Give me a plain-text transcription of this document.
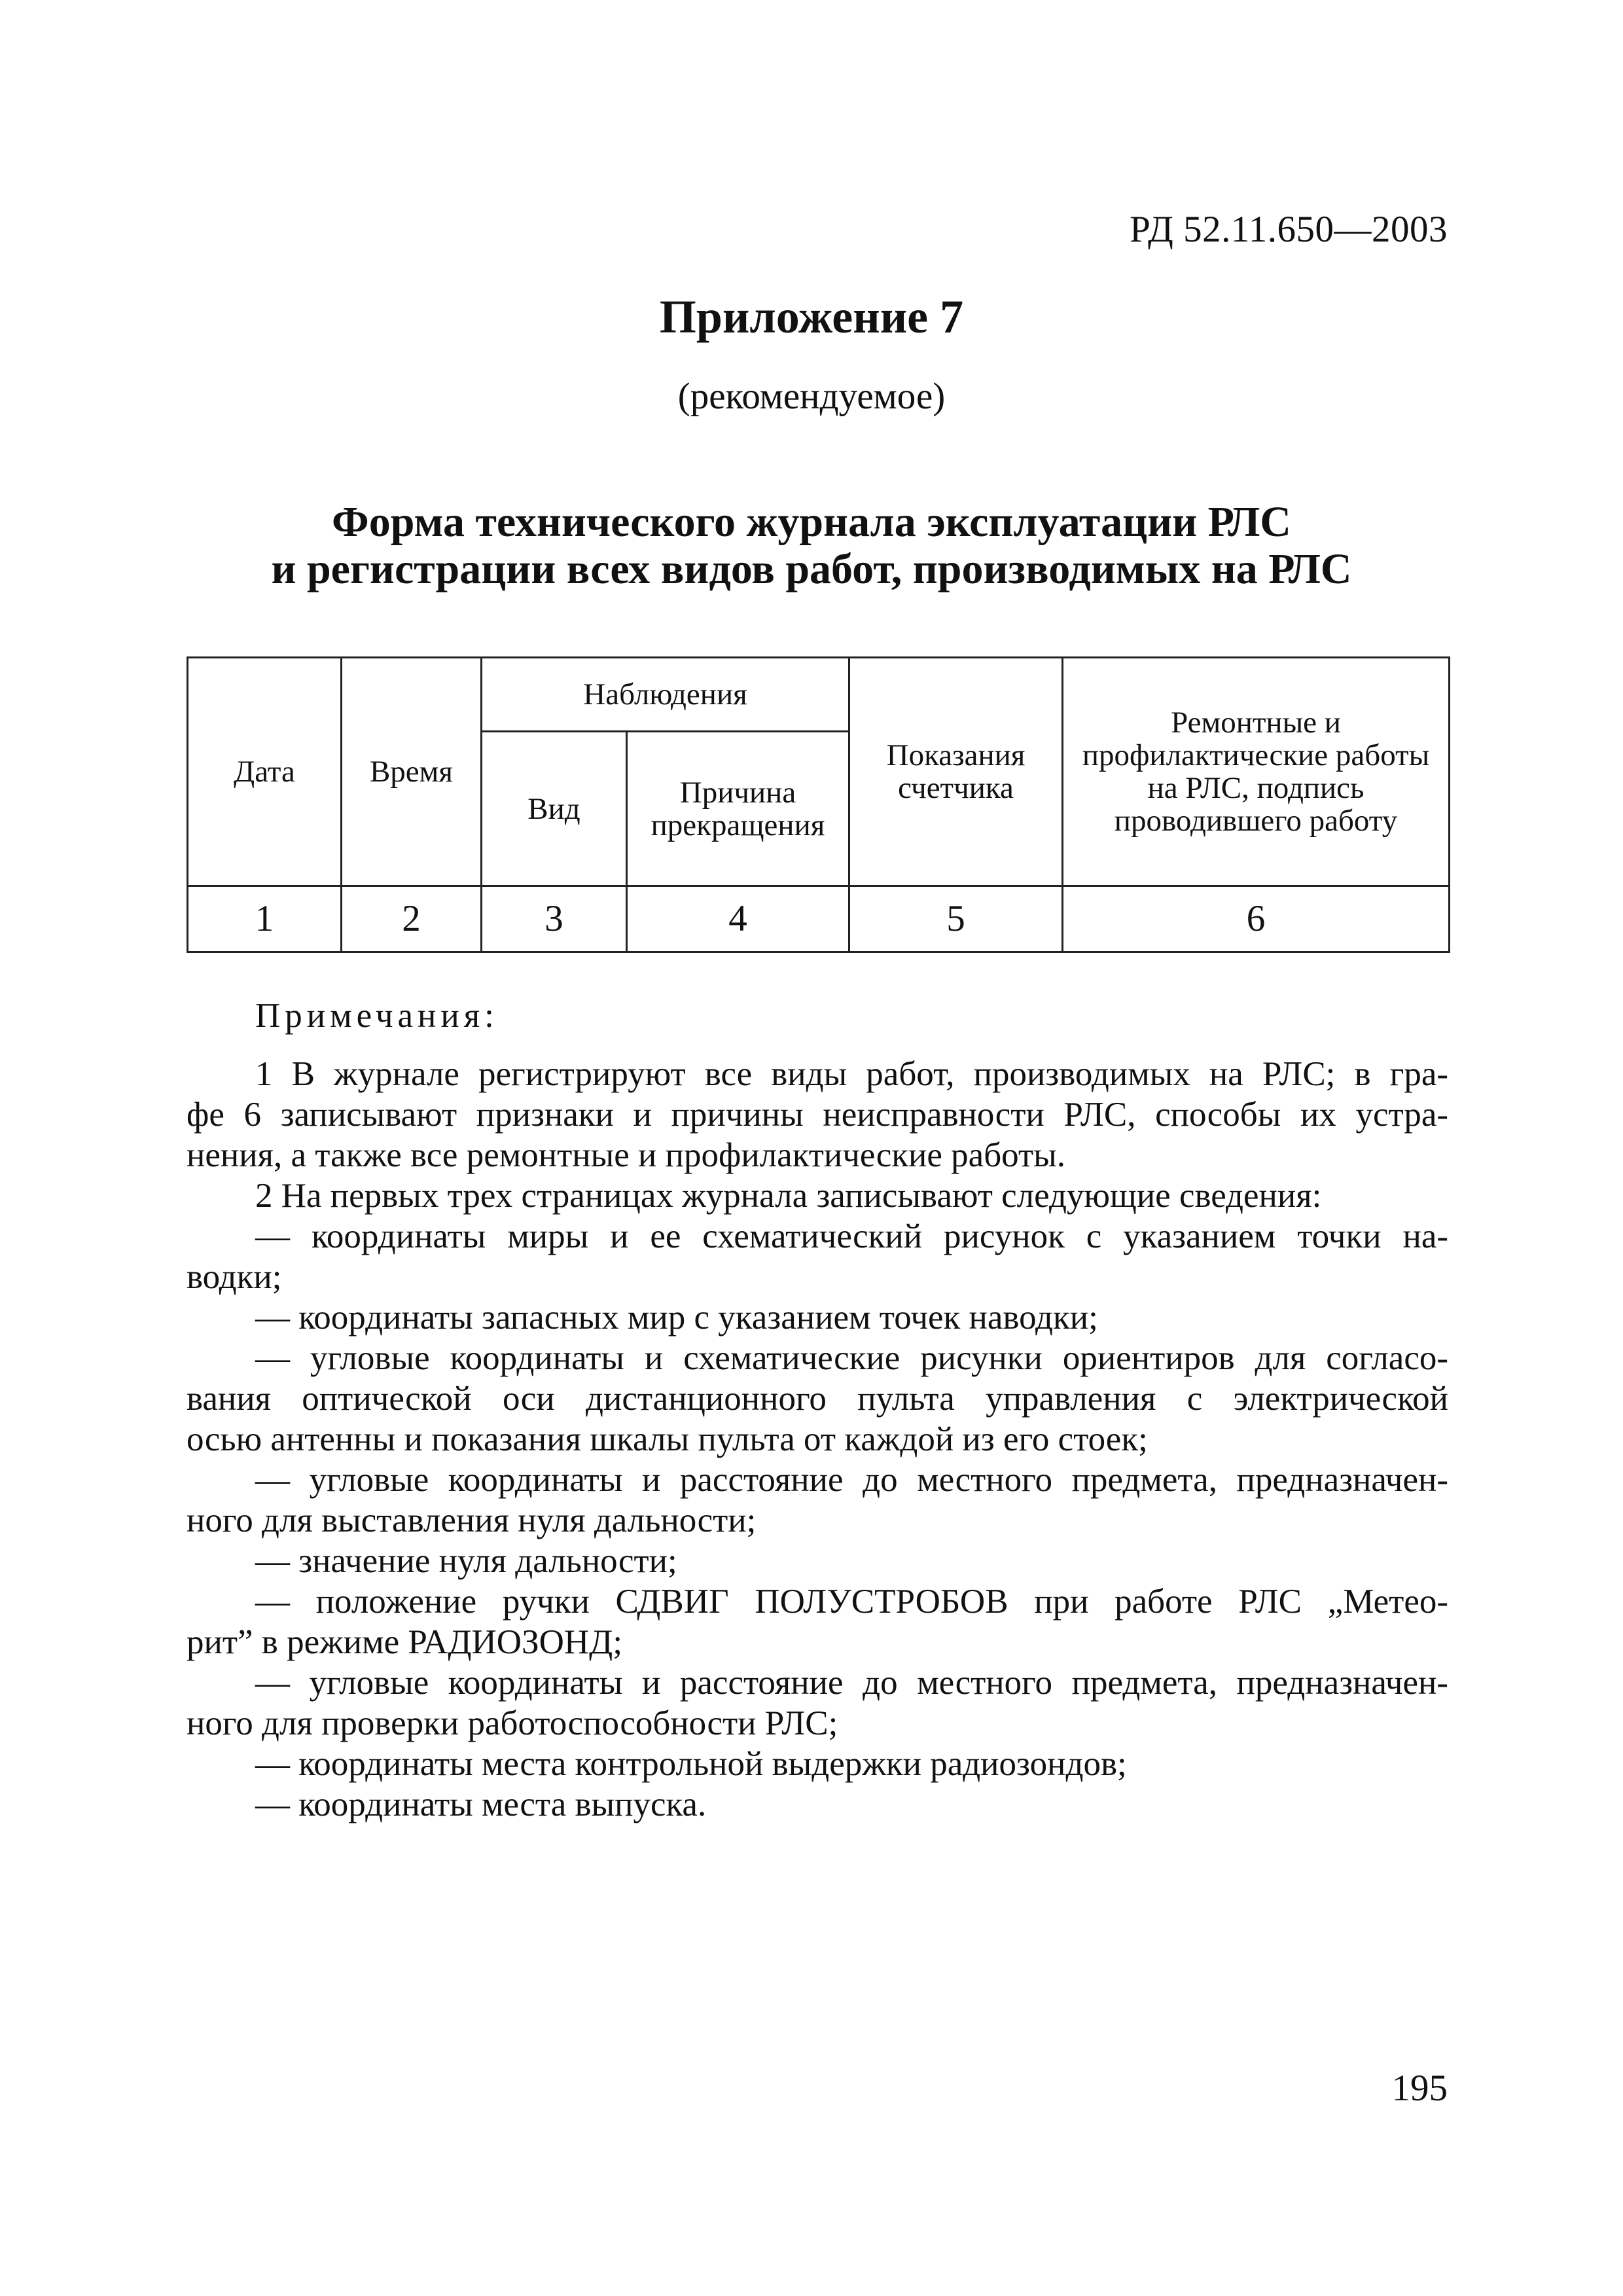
РД 52.11.650—2003
Приложение 7
(рекомендуемое)
Форма технического журнала эксплуатации РЛС
и регистрации всех видов работ, производимых на РЛС
Дата	Время	Наблюдения		Показания счетчика	Ремонтные и профилактические работы на РЛС, подпись проводившего работу
		Вид	Причина прекращения		
1	2	3	4	5	6
Примечания:
1 В журнале регистрируют все виды работ, производимых на РЛС; в гра-
фе 6 записывают признаки и причины неисправности РЛС, способы их устра-
нения, а также все ремонтные и профилактические работы.
2 На первых трех страницах журнала записывают следующие сведения:
— координаты миры и ее схематический рисунок с указанием точки на-
водки;
— координаты запасных мир с указанием точек наводки;
— угловые координаты и схематические рисунки ориентиров для согласо-
вания оптической оси дистанционного пульта управления с электрической
осью антенны и показания шкалы пульта от каждой из его стоек;
— угловые координаты и расстояние до местного предмета, предназначен-
ного для выставления нуля дальности;
— значение нуля дальности;
— положение ручки СДВИГ ПОЛУСТРОБОВ при работе РЛС „Метео-
рит” в режиме РАДИОЗОНД;
— угловые координаты и расстояние до местного предмета, предназначен-
ного для проверки работоспособности РЛС;
— координаты места контрольной выдержки радиозондов;
— координаты места выпуска.
195
